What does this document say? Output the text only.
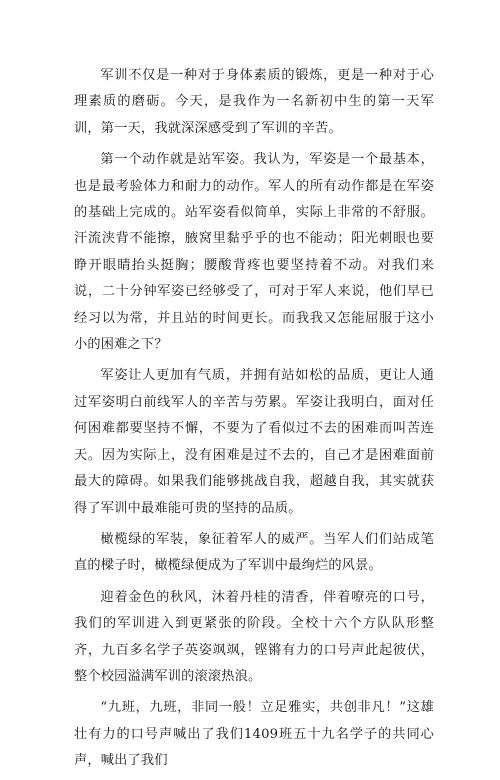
军训不仅是一种对于身体素质的锻炼，更是一种对于心理素质的磨砺。今天，是我作为一名新初中生的第一天军训，第一天，我就深深感受到了军训的辛苦。

第一个动作就是站军姿。我认为，军姿是一个最基本，也是最考验体力和耐力的动作。军人的所有动作都是在军姿的基础上完成的。站军姿看似简单，实际上非常的不舒服。汗流浃背不能擦，腋窝里黏乎乎的也不能动；阳光刺眼也要睁开眼睛抬头挺胸；腰酸背疼也要坚持着不动。对我们来说，二十分钟军姿已经够受了，可对于军人来说，他们早已经习以为常，并且站的时间更长。而我我又怎能屈服于这小小的困难之下？

军姿让人更加有气质，并拥有站如松的品质，更让人通过军姿明白前线军人的辛苦与劳累。军姿让我明白，面对任何困难都要坚持不懈，不要为了看似过不去的困难而叫苦连天。因为实际上，没有困难是过不去的，自己才是困难面前最大的障碍。如果我们能够挑战自我，超越自我，其实就获得了军训中最难能可贵的坚持的品质。

橄榄绿的军装，象征着军人的威严。当军人们们站成笔直的樑子时，橄榄绿便成为了军训中最绚烂的风景。

迎着金色的秋风，沐着丹桂的清香，伴着嘹亮的口号，我们的军训进入到更紧张的阶段。全校十六个方队队形整齐，九百多名学子英姿飒飒，铿锵有力的口号声此起彼伏，整个校园溢满军训的滚滚热浪。

“九班，九班，非同一般！立足雅实，共创非凡！”这雄壮有力的口号声喊出了我们1409班五十九名学子的共同心声，喊出了我们
